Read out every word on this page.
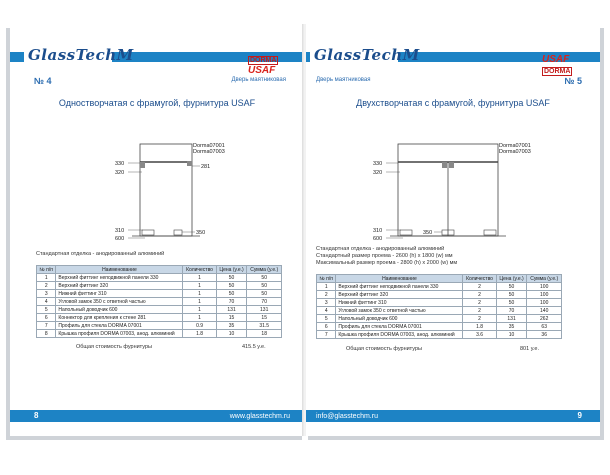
GlassTechM	DORMA USAF
№ 4	Дверь маятниковая
Одностворчатая с фрамугой, фурнитура USAF
Dorma07001
Dorma07003
330
320
281
310	350
600
Стандартная отделка - анодированный алюминий
№ п/п	Наименование	Количество	Цена (у.е.)	Сумма (у.е.)
1	Верхний фиттинг неподвижной панели 330	1	50	50
2	Верхний фиттинг 320	1	50	50
3	Нижний фиттинг 310	1	50	50
4	Угловой замок 350 с ответной частью	1	70	70
5	Напольный доводчик 600	1	131	131
6	Коннектор для крепления к стене 281	1	15	15
7	Профиль для стекла DORMA 07001	0.9	35	31.5
8	Крышка профиля DORMA 07003, анод. алюминий	1.8	10	18
Общая стоимость фурнитуры	415.5 у.е.
8	www.glasstechm.ru
GlassTechM	USAF DORMA
Дверь маятниковая	№ 5
Двухстворчатая с фрамугой, фурнитура USAF
Dorma07001
Dorma07003
330
320
310	350
600
Стандартная отделка - анодированный алюминий
Стандартный размер проема - 2600 (h) х 1800 (w) мм
Максимальный размер проема - 2800 (h) х 2000 (w) мм
№ п/п	Наименование	Количество	Цена (у.е.)	Сумма (у.е.)
1	Верхний фиттинг неподвижной панели 330	2	50	100
2	Верхний фиттинг 320	2	50	100
3	Нижний фиттинг 310	2	50	100
4	Угловой замок 350 с ответной частью	2	70	140
5	Напольный доводчик 600	2	131	262
6	Профиль для стекла DORMA 07001	1.8	35	63
7	Крышка профиля DORMA 07003, анод. алюминий	3.6	10	36
Общая стоимость фурнитуры	801 у.е.
info@glasstechm.ru	9
